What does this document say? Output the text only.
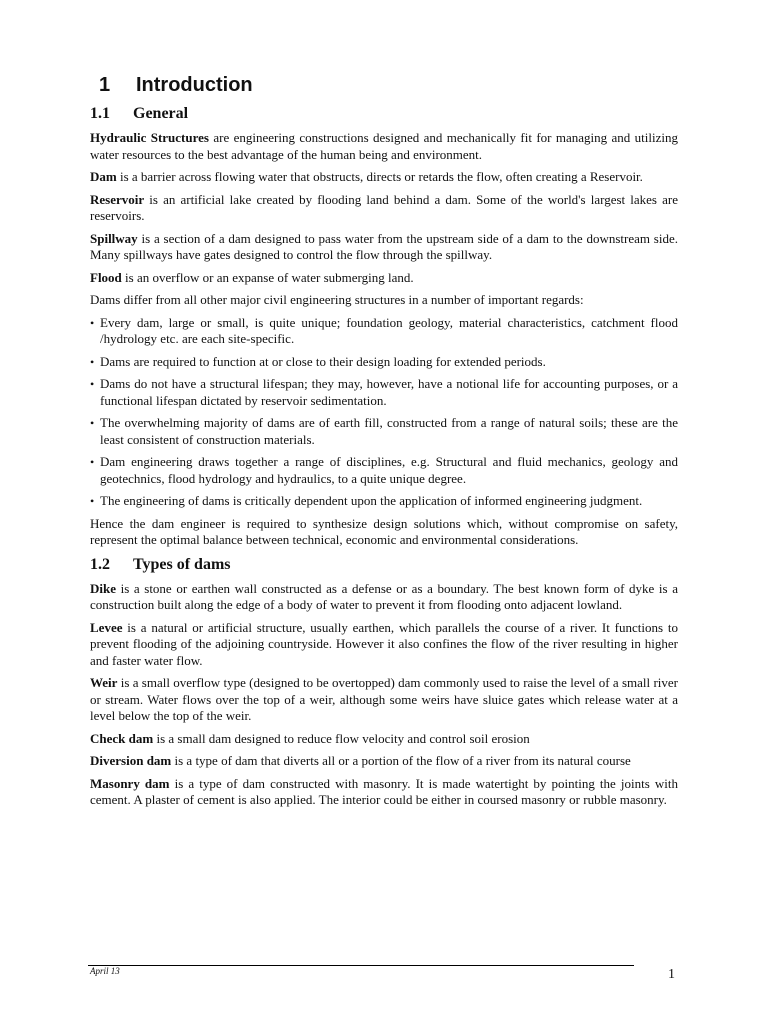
1 Introduction
1.1 General

Hydraulic Structures are engineering constructions designed and mechanically fit for managing and utilizing water resources to the best advantage of the human being and environment.

Dam is a barrier across flowing water that obstructs, directs or retards the flow, often creating a Reservoir.

Reservoir is an artificial lake created by flooding land behind a dam. Some of the world's largest lakes are reservoirs.

Spillway is a section of a dam designed to pass water from the upstream side of a dam to the downstream side. Many spillways have gates designed to control the flow through the spillway.

Flood is an overflow or an expanse of water submerging land.

Dams differ from all other major civil engineering structures in a number of important regards:

• Every dam, large or small, is quite unique; foundation geology, material characteristics, catchment flood /hydrology etc. are each site-specific.
• Dams are required to function at or close to their design loading for extended periods.
• Dams do not have a structural lifespan; they may, however, have a notional life for accounting purposes, or a functional lifespan dictated by reservoir sedimentation.
• The overwhelming majority of dams are of earth fill, constructed from a range of natural soils; these are the least consistent of construction materials.
• Dam engineering draws together a range of disciplines, e.g. Structural and fluid mechanics, geology and geotechnics, flood hydrology and hydraulics, to a quite unique degree.
• The engineering of dams is critically dependent upon the application of informed engineering judgment.

Hence the dam engineer is required to synthesize design solutions which, without compromise on safety, represent the optimal balance between technical, economic and environmental considerations.

1.2 Types of dams

Dike is a stone or earthen wall constructed as a defense or as a boundary. The best known form of dyke is a construction built along the edge of a body of water to prevent it from flooding onto adjacent lowland.

Levee is a natural or artificial structure, usually earthen, which parallels the course of a river. It functions to prevent flooding of the adjoining countryside. However it also confines the flow of the river resulting in higher and faster water flow.

Weir is a small overflow type (designed to be overtopped) dam commonly used to raise the level of a small river or stream. Water flows over the top of a weir, although some weirs have sluice gates which release water at a level below the top of the weir.

Check dam is a small dam designed to reduce flow velocity and control soil erosion

Diversion dam is a type of dam that diverts all or a portion of the flow of a river from its natural course

Masonry dam is a type of dam constructed with masonry. It is made watertight by pointing the joints with cement. A plaster of cement is also applied. The interior could be either in coursed masonry or rubble masonry.

April 13	1
